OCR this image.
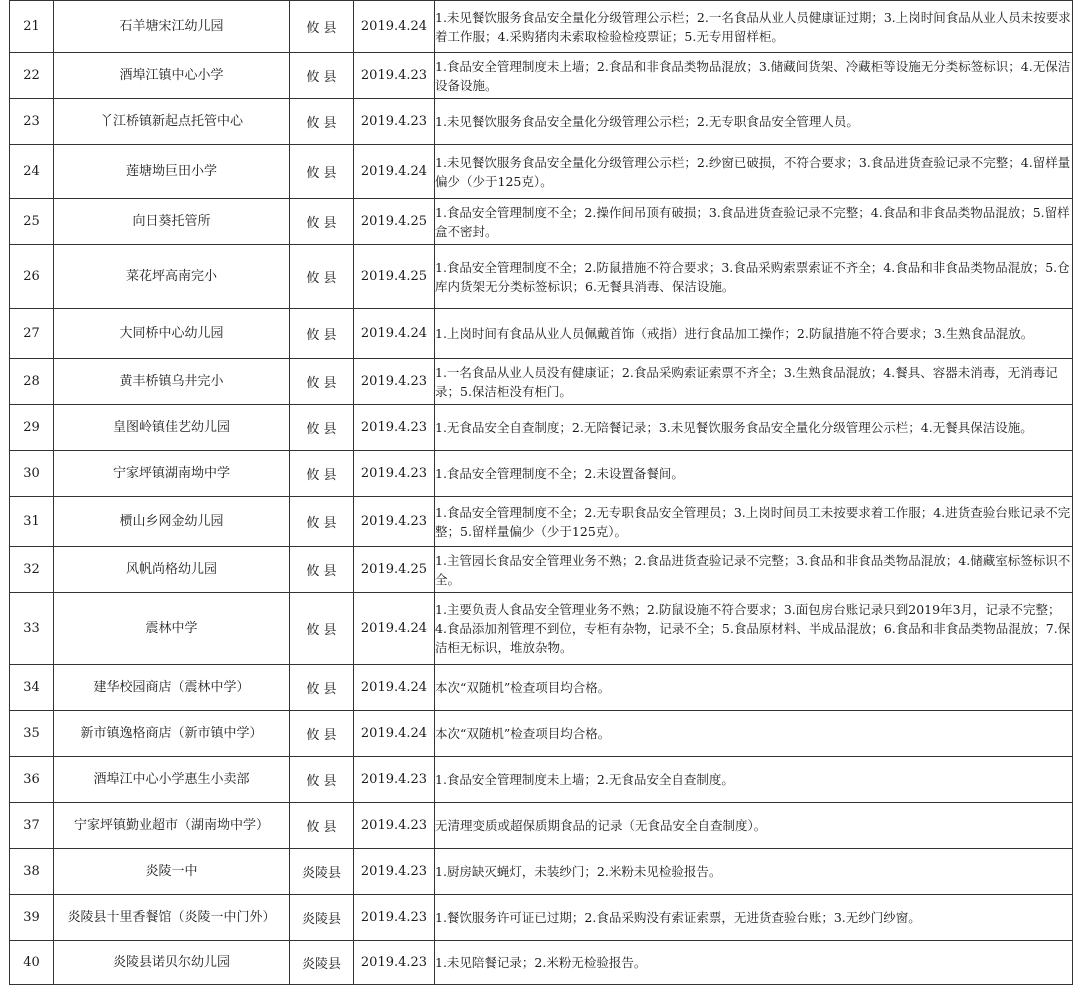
21	石羊塘宋江幼儿园	攸 县	2019.4.24	1.未见餐饮服务食品安全量化分级管理公示栏；2.一名食品从业人员健康证过期；3.上岗时间食品从业人员未按要求着工作服；4.采购猪肉未索取检验检疫票证；5.无专用留样柜。
22	酒埠江镇中心小学	攸 县	2019.4.23	1.食品安全管理制度未上墙；2.食品和非食品类物品混放；3.储藏间货架、冷藏柜等设施无分类标签标识；4.无保洁设备设施。
23	丫江桥镇新起点托管中心	攸 县	2019.4.23	1.未见餐饮服务食品安全量化分级管理公示栏；2.无专职食品安全管理人员。
24	莲塘坳巨田小学	攸 县	2019.4.24	1.未见餐饮服务食品安全量化分级管理公示栏；2.纱窗已破损，不符合要求；3.食品进货查验记录不完整；4.留样量偏少（少于125克）。
25	向日葵托管所	攸 县	2019.4.25	1.食品安全管理制度不全；2.操作间吊顶有破损；3.食品进货查验记录不完整；4.食品和非食品类物品混放；5.留样盒不密封。
26	菜花坪高南完小	攸 县	2019.4.25	1.食品安全管理制度不全；2.防鼠措施不符合要求；3.食品采购索票索证不齐全；4.食品和非食品类物品混放；5.仓库内货架无分类标签标识；6.无餐具消毒、保洁设施。
27	大同桥中心幼儿园	攸 县	2019.4.24	1.上岗时间有食品从业人员佩戴首饰（戒指）进行食品加工操作；2.防鼠措施不符合要求；3.生熟食品混放。
28	黄丰桥镇乌井完小	攸 县	2019.4.23	1.一名食品从业人员没有健康证；2.食品采购索证索票不齐全；3.生熟食品混放；4.餐具、容器未消毒，无消毒记录；5.保洁柜没有柜门。
29	皇图岭镇佳艺幼儿园	攸 县	2019.4.23	1.无食品安全自查制度；2.无陪餐记录；3.未见餐饮服务食品安全量化分级管理公示栏；4.无餐具保洁设施。
30	宁家坪镇湖南坳中学	攸 县	2019.4.23	1.食品安全管理制度不全；2.未设置备餐间。
31	槚山乡网金幼儿园	攸 县	2019.4.23	1.食品安全管理制度不全；2.无专职食品安全管理员；3.上岗时间员工未按要求着工作服；4.进货查验台账记录不完整；5.留样量偏少（少于125克）。
32	风帆尚格幼儿园	攸 县	2019.4.25	1.主管园长食品安全管理业务不熟；2.食品进货查验记录不完整；3.食品和非食品类物品混放；4.储藏室标签标识不全。
33	震林中学	攸 县	2019.4.24	1.主要负责人食品安全管理业务不熟；2.防鼠设施不符合要求；3.面包房台账记录只到2019年3月，记录不完整；4.食品添加剂管理不到位，专柜有杂物，记录不全；5.食品原材料、半成品混放；6.食品和非食品类物品混放；7.保洁柜无标识，堆放杂物。
34	建华校园商店（震林中学）	攸 县	2019.4.24	本次“双随机”检查项目均合格。
35	新市镇逸格商店（新市镇中学）	攸 县	2019.4.24	本次“双随机”检查项目均合格。
36	酒埠江中心小学惠生小卖部	攸 县	2019.4.23	1.食品安全管理制度未上墙；2.无食品安全自查制度。
37	宁家坪镇勤业超市（湖南坳中学）	攸 县	2019.4.23	无清理变质或超保质期食品的记录（无食品安全自查制度）。
38	炎陵一中	炎陵县	2019.4.23	1.厨房缺灭蝇灯，未装纱门；2.米粉未见检验报告。
39	炎陵县十里香餐馆（炎陵一中门外）	炎陵县	2019.4.23	1.餐饮服务许可证已过期；2.食品采购没有索证索票，无进货查验台账；3.无纱门纱窗。
40	炎陵县诺贝尔幼儿园	炎陵县	2019.4.23	1.未见陪餐记录；2.米粉无检验报告。
